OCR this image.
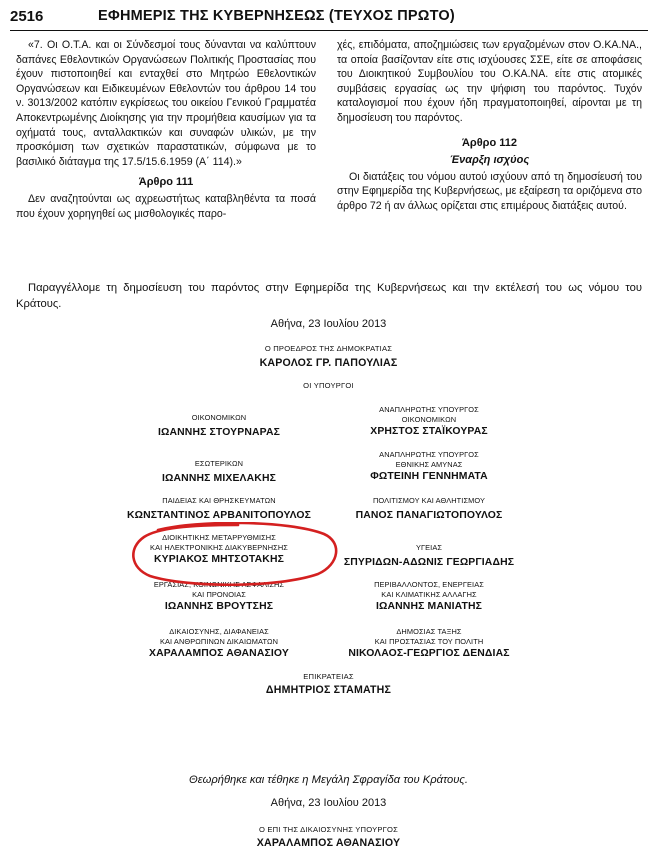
2516	ΕΦΗΜΕΡΙΣ ΤΗΣ ΚΥΒΕΡΝΗΣΕΩΣ (ΤΕΥΧΟΣ ΠΡΩΤΟ)

«7. Οι Ο.Τ.Α. και οι Σύνδεσμοί τους δύνανται να καλύπτουν δαπάνες Εθελοντικών Οργανώσεων Πολιτικής Προστασίας που έχουν πιστοποιηθεί και ενταχθεί στο Μητρώο Εθελοντικών Οργανώσεων και Ειδικευμένων Εθελοντών του άρθρου 14 του ν. 3013/2002 κατόπιν εγκρίσεως του οικείου Γενικού Γραμματέα Αποκεντρωμένης Διοίκησης για την προμήθεια καυσίμων για τα οχήματά τους, ανταλλακτικών και συναφών υλικών, με την προσκόμιση των σχετικών παραστατικών, σύμφωνα με το βασιλικό διάταγμα της 17.5/15.6.1959 (Α΄ 114).»

Άρθρο 111

Δεν αναζητούνται ως αχρεωστήτως καταβληθέντα τα ποσά που έχουν χορηγηθεί ως μισθολογικές παρο-

χές, επιδόματα, αποζημιώσεις των εργαζομένων στον Ο.ΚΑ.ΝΑ., τα οποία βασίζονταν είτε στις ισχύουσες ΣΣΕ, είτε σε αποφάσεις του Διοικητικού Συμβουλίου του Ο.ΚΑ.ΝΑ. είτε στις ατομικές συμβάσεις εργασίας ως την ψήφιση του παρόντος. Τυχόν καταλογισμοί που έχουν ήδη πραγματοποιηθεί, αίρονται με τη δημοσίευση του παρόντος.

Άρθρο 112
Έναρξη ισχύος

Οι διατάξεις του νόμου αυτού ισχύουν από τη δημοσίευσή του στην Εφημερίδα της Κυβερνήσεως, με εξαίρεση τα οριζόμενα στο άρθρο 72 ή αν άλλως ορίζεται στις επιμέρους διατάξεις αυτού.

Παραγγέλλομε τη δημοσίευση του παρόντος στην Εφημερίδα της Κυβερνήσεως και την εκτέλεσή του ως νόμου του Κράτους.
Αθήνα, 23 Ιουλίου 2013
Ο ΠΡΟΕΔΡΟΣ ΤΗΣ ΔΗΜΟΚΡΑΤΙΑΣ
ΚΑΡΟΛΟΣ ΓΡ. ΠΑΠΟΥΛΙΑΣ
ΟΙ ΥΠΟΥΡΓΟΙ
ΟΙΚΟΝΟΜΙΚΩΝ
ΙΩΑΝΝΗΣ ΣΤΟΥΡΝΑΡΑΣ
ΕΣΩΤΕΡΙΚΩΝ
ΙΩΑΝΝΗΣ ΜΙΧΕΛΑΚΗΣ
ΠΑΙΔΕΙΑΣ ΚΑΙ ΘΡΗΣΚΕΥΜΑΤΩΝ
ΚΩΝΣΤΑΝΤΙΝΟΣ ΑΡΒΑΝΙΤΟΠΟΥΛΟΣ
ΔΙΟΙΚΗΤΙΚΗΣ ΜΕΤΑΡΡΥΘΜΙΣΗΣ
ΚΑΙ ΗΛΕΚΤΡΟΝΙΚΗΣ ΔΙΑΚΥΒΕΡΝΗΣΗΣ
ΚΥΡΙΑΚΟΣ ΜΗΤΣΟΤΑΚΗΣ
ΕΡΓΑΣΙΑΣ, ΚΟΙΝΩΝΙΚΗΣ ΑΣΦΑΛΙΣΗΣ
ΚΑΙ ΠΡΟΝΟΙΑΣ
ΙΩΑΝΝΗΣ ΒΡΟΥΤΣΗΣ
ΔΙΚΑΙΟΣΥΝΗΣ, ΔΙΑΦΑΝΕΙΑΣ
ΚΑΙ ΑΝΘΡΩΠΙΝΩΝ ΔΙΚΑΙΩΜΑΤΩΝ
ΧΑΡΑΛΑΜΠΟΣ ΑΘΑΝΑΣΙΟΥ
ΑΝΑΠΛΗΡΩΤΗΣ ΥΠΟΥΡΓΟΣ
ΟΙΚΟΝΟΜΙΚΩΝ
ΧΡΗΣΤΟΣ ΣΤΑΪΚΟΥΡΑΣ
ΑΝΑΠΛΗΡΩΤΗΣ ΥΠΟΥΡΓΟΣ
ΕΘΝΙΚΗΣ ΑΜΥΝΑΣ
ΦΩΤΕΙΝΗ ΓΕΝΝΗΜΑΤΑ
ΠΟΛΙΤΙΣΜΟΥ ΚΑΙ ΑΘΛΗΤΙΣΜΟΥ
ΠΑΝΟΣ ΠΑΝΑΓΙΩΤΟΠΟΥΛΟΣ
ΥΓΕΙΑΣ
ΣΠΥΡΙΔΩΝ-ΑΔΩΝΙΣ ΓΕΩΡΓΙΑΔΗΣ
ΠΕΡΙΒΑΛΛΟΝΤΟΣ, ΕΝΕΡΓΕΙΑΣ
ΚΑΙ ΚΛΙΜΑΤΙΚΗΣ ΑΛΛΑΓΗΣ
ΙΩΑΝΝΗΣ ΜΑΝΙΑΤΗΣ
ΔΗΜΟΣΙΑΣ ΤΑΞΗΣ
ΚΑΙ ΠΡΟΣΤΑΣΙΑΣ ΤΟΥ ΠΟΛΙΤΗ
ΝΙΚΟΛΑΟΣ-ΓΕΩΡΓΙΟΣ ΔΕΝΔΙΑΣ
ΕΠΙΚΡΑΤΕΙΑΣ
ΔΗΜΗΤΡΙΟΣ ΣΤΑΜΑΤΗΣ
Θεωρήθηκε και τέθηκε η Μεγάλη Σφραγίδα του Κράτους.
Αθήνα, 23 Ιουλίου 2013
Ο ΕΠΙ ΤΗΣ ΔΙΚΑΙΟΣΥΝΗΣ ΥΠΟΥΡΓΟΣ
ΧΑΡΑΛΑΜΠΟΣ ΑΘΑΝΑΣΙΟΥ
